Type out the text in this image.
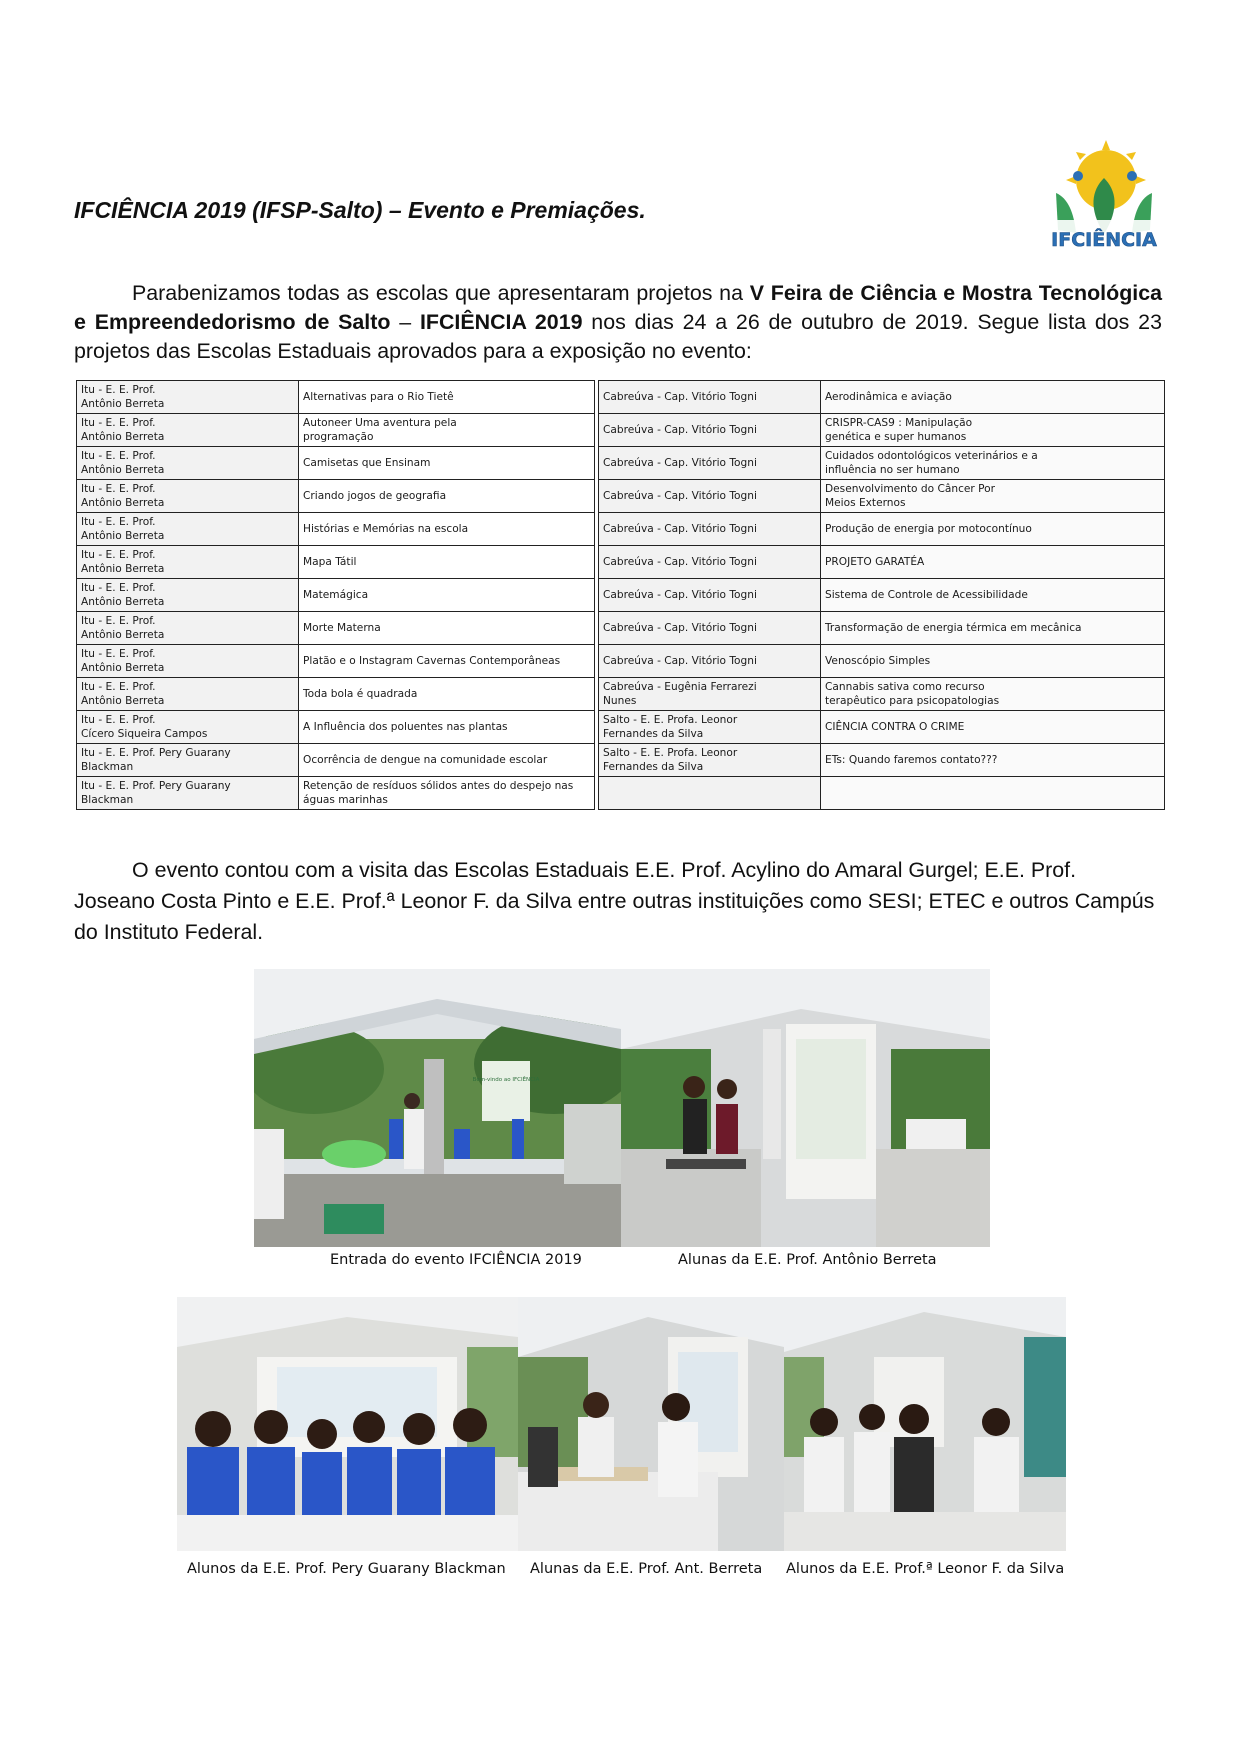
IFCIÊNCIA 2019 (IFSP-Salto) – Evento e Premiações.
IFCIÊNCIA

Parabenizamos todas as escolas que apresentaram projetos na V Feira de Ciência e Mostra Tecnológica e Empreendedorismo de Salto – IFCIÊNCIA 2019 nos dias 24 a 26 de outubro de 2019. Segue lista dos 23 projetos das Escolas Estaduais aprovados para a exposição no evento:

Itu - E. E. Prof.
Antônio Berreta	Alternativas para o Rio Tietê		Cabreúva - Cap. Vitório Togni	Aerodinâmica e aviação
Itu - E. E. Prof.
Antônio Berreta	Autoneer Uma aventura pela
programação		Cabreúva - Cap. Vitório Togni	CRISPR-CAS9 : Manipulação
genética e super humanos
Itu - E. E. Prof.
Antônio Berreta	Camisetas que Ensinam		Cabreúva - Cap. Vitório Togni	Cuidados odontológicos veterinários e a
influência no ser humano
Itu - E. E. Prof.
Antônio Berreta	Criando jogos de geografia		Cabreúva - Cap. Vitório Togni	Desenvolvimento do Câncer Por
Meios Externos
Itu - E. E. Prof.
Antônio Berreta	Histórias e Memórias na escola		Cabreúva - Cap. Vitório Togni	Produção de energia por motocontínuo
Itu - E. E. Prof.
Antônio Berreta	Mapa Tátil		Cabreúva - Cap. Vitório Togni	PROJETO GARATÉA
Itu - E. E. Prof.
Antônio Berreta	Matemágica		Cabreúva - Cap. Vitório Togni	Sistema de Controle de Acessibilidade
Itu - E. E. Prof.
Antônio Berreta	Morte Materna		Cabreúva - Cap. Vitório Togni	Transformação de energia térmica em mecânica
Itu - E. E. Prof.
Antônio Berreta	Platão e o Instagram Cavernas Contemporâneas		Cabreúva - Cap. Vitório Togni	Venoscópio Simples
Itu - E. E. Prof.
Antônio Berreta	Toda bola é quadrada		Cabreúva - Eugênia Ferrarezi
Nunes	Cannabis sativa como recurso
terapêutico para psicopatologias
Itu - E. E. Prof.
Cícero Siqueira Campos	A Influência dos poluentes nas plantas		Salto - E. E. Profa. Leonor
Fernandes da Silva	CIÊNCIA CONTRA O CRIME
Itu - E. E. Prof. Pery Guarany
Blackman	Ocorrência de dengue na comunidade escolar		Salto - E. E. Profa. Leonor
Fernandes da Silva	ETs: Quando faremos contato???
Itu - E. E. Prof. Pery Guarany
Blackman	Retenção de resíduos sólidos antes do despejo nas
águas marinhas			

O evento contou com a visita das Escolas Estaduais E.E. Prof. Acylino do Amaral Gurgel; E.E. Prof. Joseano Costa Pinto e E.E. Prof.ª Leonor F. da Silva entre outras instituições como SESI; ETEC e outros Campús do Instituto Federal.

Bem-vindo ao IFCIÊNCIA
Entrada do evento IFCIÊNCIA 2019	Alunas da E.E. Prof. Antônio Berreta
Alunos da E.E. Prof. Pery Guarany Blackman Alunas da E.E. Prof. Ant. Berreta Alunos da E.E. Prof.ª Leonor F. da Silva
